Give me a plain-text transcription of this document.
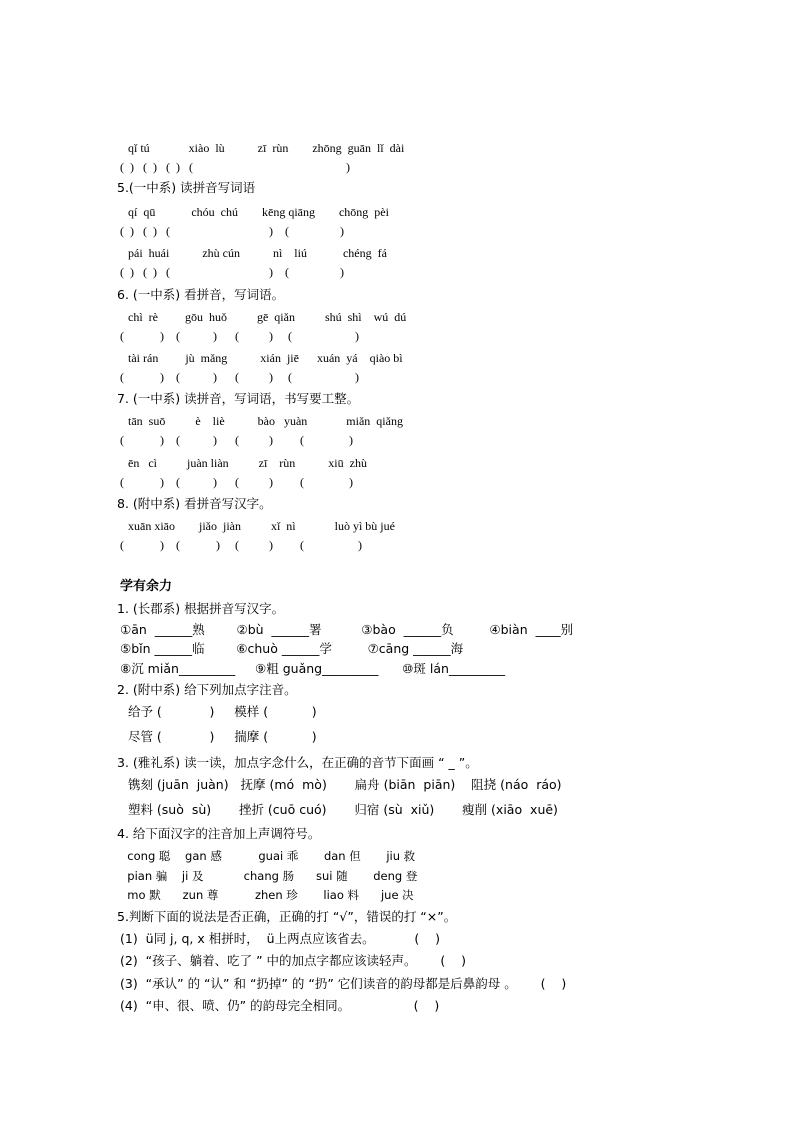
qǐ tú             xiào  lù           zī  rùn        zhōng  guān  lǐ  dài
(  )   (  )   (  )   (                                                   )
5.(一中系) 读拼音写词语
qí  qū            chóu  chú        kēng qiāng        chōng  pèi
(  )   (  )   (                                 )    (                 )
pái  huái           zhù cún           nì    liú            chéng  fá
(  )   (  )   (                                 )    (                 )
6. (一中系) 看拼音，写词语。
chì  rè         gōu  huǒ          gē  qiǎn          shú  shì    wú  dú
(            )    (           )      (          )     (                     )
tài rán         jù  mǎng           xián  jiē      xuán  yá    qiào bì
(            )    (           )      (          )     (                     )
7. (一中系) 读拼音，写词语，书写要工整。
tān  suō          è    liè           bào   yuàn             miǎn  qiǎng
(            )    (           )      (          )         (               )
ēn   cì          juàn liàn          zī    rùn           xiū  zhù
(            )    (           )      (          )         (               )
8. (附中系) 看拼音写汉字。
xuān xiāo        jiǎo  jiàn          xǐ  nì             luò yì bù jué
(            )    (            )     (          )         (                  )
学有余力
1. (长郡系) 根据拼音写汉字。
①ān  ______熟        ②bù  ______署          ③bào  ______负         ④biàn  ____别
⑤bǐn ______临        ⑥chuò ______学         ⑦cāng ______海
⑧沉 miǎn_________     ⑨粗 guǎng_________      ⑩斑 lán_________
2. (附中系) 给下列加点字注音。
给予 (            )     模样 (           )
尽管 (            )     揣摩 (           )
3. (雅礼系) 读一读，加点字念什么，在正确的音节下面画 “ _ ”。
镌刻 (juān  juàn)   抚摩 (mó  mò)       扁舟 (biān  piān)    阻挠 (náo  ráo)
塑料 (suò  sù)       挫折 (cuō cuó)       归宿 (sù  xiǔ)       瘦削 (xiāo  xuē)
4. 给下面汉字的注音加上声调符号。
cong 聪    gan 感          guai 乖       dan 但       jiu 救
pian 骗    ji 及           chang 肠      sui 随       deng 登
mo 默      zun 尊          zhen 珍       liao 料      jue 决
5.判断下面的说法是否正确，正确的打 “√”，错误的打 “×”。
(1)  ü同 j, q, x 相拼时，  ü上两点应该省去。          (    )
(2)  “孩子、躺着、吃了 ” 中的加点字都应该读轻声。      (    )
(3)  “承认” 的 “认” 和 “扔掉” 的 “扔” 它们读音的韵母都是后鼻韵母 。      (    )
(4)  “申、很、喷、仍” 的韵母完全相同。                (    )
